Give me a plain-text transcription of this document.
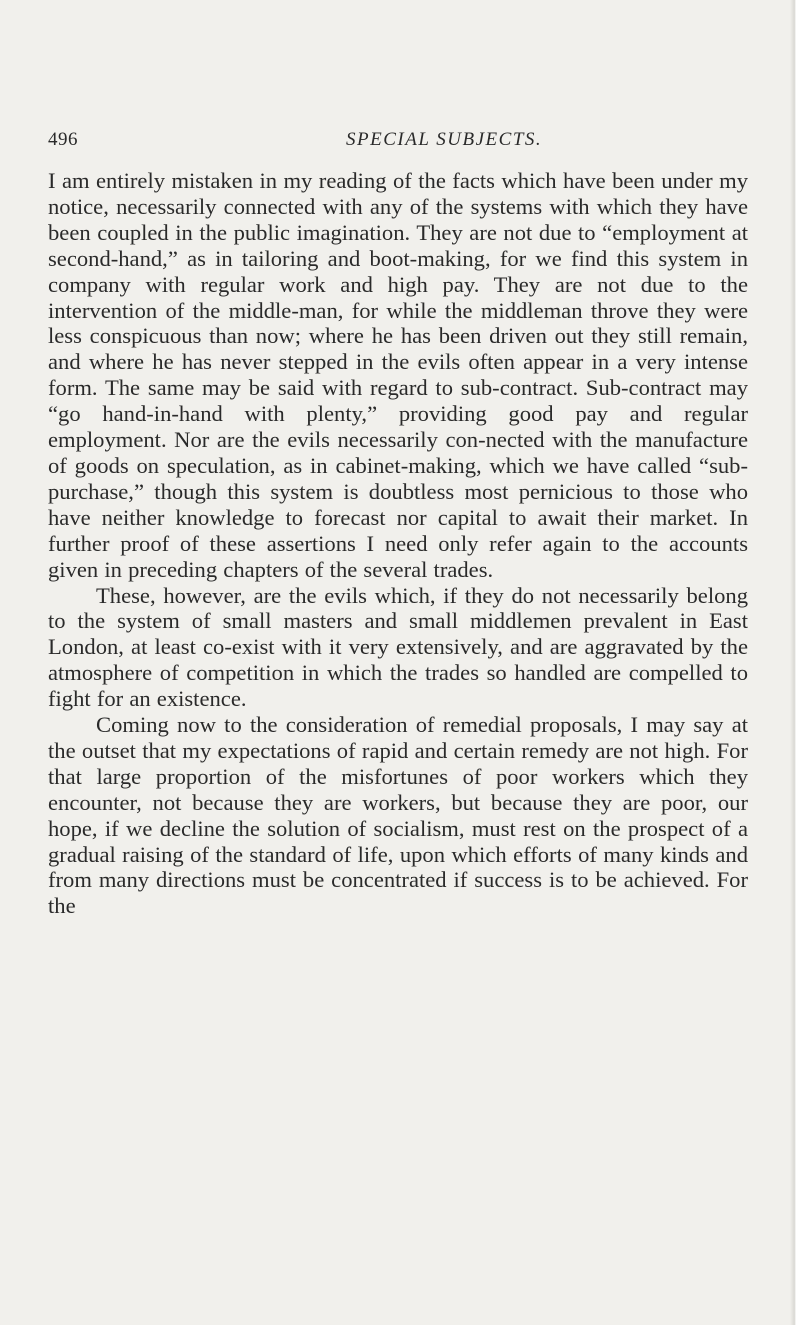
496	SPECIAL SUBJECTS.

I am entirely mistaken in my reading of the facts which have been under my notice, necessarily connected with any of the systems with which they have been coupled in the public imagination. They are not due to “employment at second-hand,” as in tailoring and boot-making, for we find this system in company with regular work and high pay. They are not due to the intervention of the middle-man, for while the middleman throve they were less conspicuous than now; where he has been driven out they still remain, and where he has never stepped in the evils often appear in a very intense form. The same may be said with regard to sub-contract. Sub-contract may “go hand-in-hand with plenty,” providing good pay and regular employment. Nor are the evils necessarily con-nected with the manufacture of goods on speculation, as in cabinet-making, which we have called “sub-purchase,” though this system is doubtless most pernicious to those who have neither knowledge to forecast nor capital to await their market. In further proof of these assertions I need only refer again to the accounts given in preceding chapters of the several trades.

These, however, are the evils which, if they do not necessarily belong to the system of small masters and small middlemen prevalent in East London, at least co-exist with it very extensively, and are aggravated by the atmosphere of competition in which the trades so handled are compelled to fight for an existence.

Coming now to the consideration of remedial proposals, I may say at the outset that my expectations of rapid and certain remedy are not high. For that large proportion of the misfortunes of poor workers which they encounter, not because they are workers, but because they are poor, our hope, if we decline the solution of socialism, must rest on the prospect of a gradual raising of the standard of life, upon which efforts of many kinds and from many directions must be concentrated if success is to be achieved. For the
